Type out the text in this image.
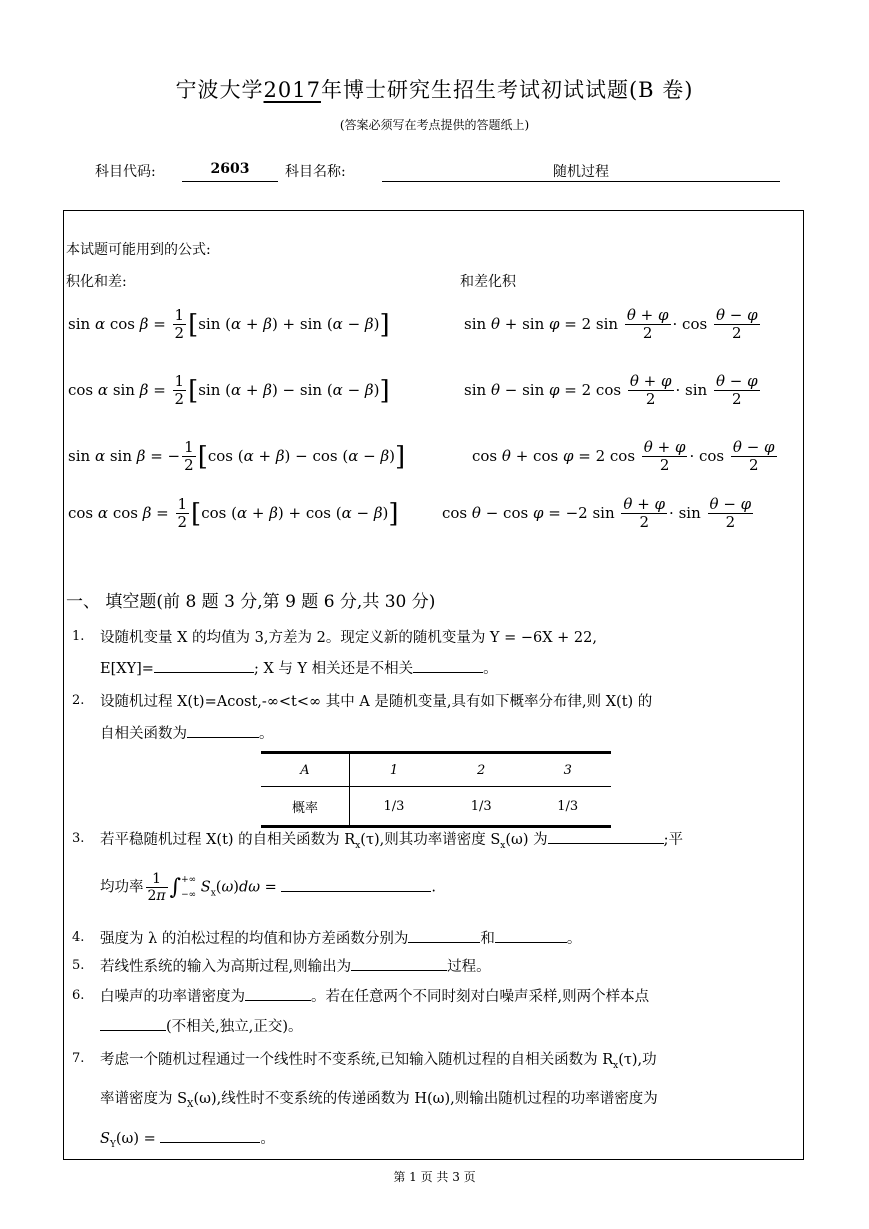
宁波大学2017年博士研究生招生考试初试试题(B 卷)
(答案必须写在考点提供的答题纸上)
科目代码:	2603	科目名称:	随机过程
本试题可能用到的公式:
积化和差:	和差化积
sin α $\cos \beta = \frac{1}{2} [\sin$ (α + β) + sin (α − β)]
cos α $\sin \beta = \frac{1}{2} [\sin$ (α + β) − sin (α − β)]
sin α sin β = − $\frac{1}{2} [\cos$ (α + β) − cos (α − β)]
cos α $\cos \beta = \frac{1}{2} [\cos$ (α + β) + cos (α − β)]
sin θ + sin φ = 2 $\sin \frac{\theta + \varphi}{2} \cdot \cos \frac{\theta - \varphi}{2}$
sin θ − sin φ = 2 $\cos \frac{\theta + \varphi}{2} \cdot \sin \frac{\theta - \varphi}{2}$
cos θ + cos φ = 2 $\cos \frac{\theta + \varphi}{2} \cdot \cos \frac{\theta - \varphi}{2}$
cos θ − cos φ = −2 $\sin \frac{\theta + \varphi}{2} \cdot \sin \frac{\theta - \varphi}{2}$
一、 填空题(前 8 题 3 分,第 9 题 6 分,共 30 分)
1. 设随机变量 X 的均值为 3,方差为 2。现定义新的随机变量为 Y = −6X + 22,
E[XY]=	; X 与 Y 相关还是不相关	。
2. 设随机过程 X(t)=Acost,-∞<t<∞ 其中 A 是随机变量,具有如下概率分布律,则 X(t) 的
自相关函数为	。
A	1	2	3
概率	1/3	1/3	1/3
3. 若平稳随机过程 X(t) 的自相关函数为 $R_x(\tau)$,则其功率谱密度 $S_x(\omega)$ 为	;平
均功率 $\frac{1}{2\pi}$ ∫+∞
−∞ $S_x(\omega)d\omega$ =	.
4. 强度为 λ 的泊松过程的均值和协方差函数分别为	和	。
5. 若线性系统的输入为高斯过程,则输出为	过程。
6. 白噪声的功率谱密度为	。若在任意两个不同时刻对白噪声采样,则两个样本点
(不相关,独立,正交)。
7. 考虑一个随机过程通过一个线性时不变系统,已知输入随机过程的自相关函数为 $R_x(\tau)$,功
率谱密度为 $S_X(\omega)$,线性时不变系统的传递函数为 H(ω),则输出随机过程的功率谱密度为
$S_Y(\omega)$ =	。
第 1 页 共 3 页
